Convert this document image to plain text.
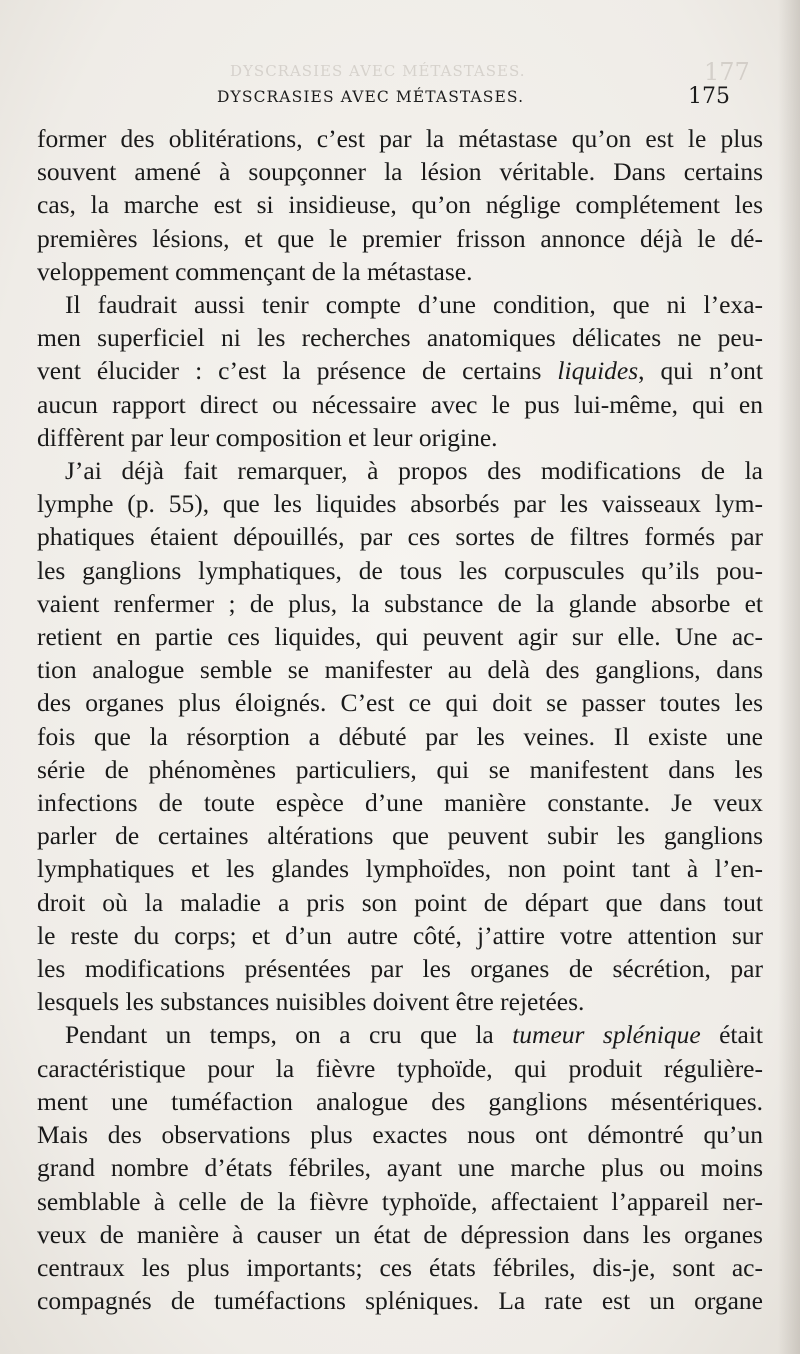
DYSCRASIES AVEC MÉTASTASES.	177
DYSCRASIES AVEC MÉTASTASES.	175
former des oblitérations, c’est par la métastase qu’on est le plus
souvent amené à soupçonner la lésion véritable. Dans certains
cas, la marche est si insidieuse, qu’on néglige complétement les
premières lésions, et que le premier frisson annonce déjà le dé-
veloppement commençant de la métastase.
Il faudrait aussi tenir compte d’une condition, que ni l’exa-
men superficiel ni les recherches anatomiques délicates ne peu-
vent élucider : c’est la présence de certains liquides, qui n’ont
aucun rapport direct ou nécessaire avec le pus lui-même, qui en
diffèrent par leur composition et leur origine.
J’ai déjà fait remarquer, à propos des modifications de la
lymphe (p. 55), que les liquides absorbés par les vaisseaux lym-
phatiques étaient dépouillés, par ces sortes de filtres formés par
les ganglions lymphatiques, de tous les corpuscules qu’ils pou-
vaient renfermer ; de plus, la substance de la glande absorbe et
retient en partie ces liquides, qui peuvent agir sur elle. Une ac-
tion analogue semble se manifester au delà des ganglions, dans
des organes plus éloignés. C’est ce qui doit se passer toutes les
fois que la résorption a débuté par les veines. Il existe une
série de phénomènes particuliers, qui se manifestent dans les
infections de toute espèce d’une manière constante. Je veux
parler de certaines altérations que peuvent subir les ganglions
lymphatiques et les glandes lymphoïdes, non point tant à l’en-
droit où la maladie a pris son point de départ que dans tout
le reste du corps; et d’un autre côté, j’attire votre attention sur
les modifications présentées par les organes de sécrétion, par
lesquels les substances nuisibles doivent être rejetées.
Pendant un temps, on a cru que la tumeur splénique était
caractéristique pour la fièvre typhoïde, qui produit régulière-
ment une tuméfaction analogue des ganglions mésentériques.
Mais des observations plus exactes nous ont démontré qu’un
grand nombre d’états fébriles, ayant une marche plus ou moins
semblable à celle de la fièvre typhoïde, affectaient l’appareil ner-
veux de manière à causer un état de dépression dans les organes
centraux les plus importants; ces états fébriles, dis-je, sont ac-
compagnés de tuméfactions spléniques. La rate est un organe
